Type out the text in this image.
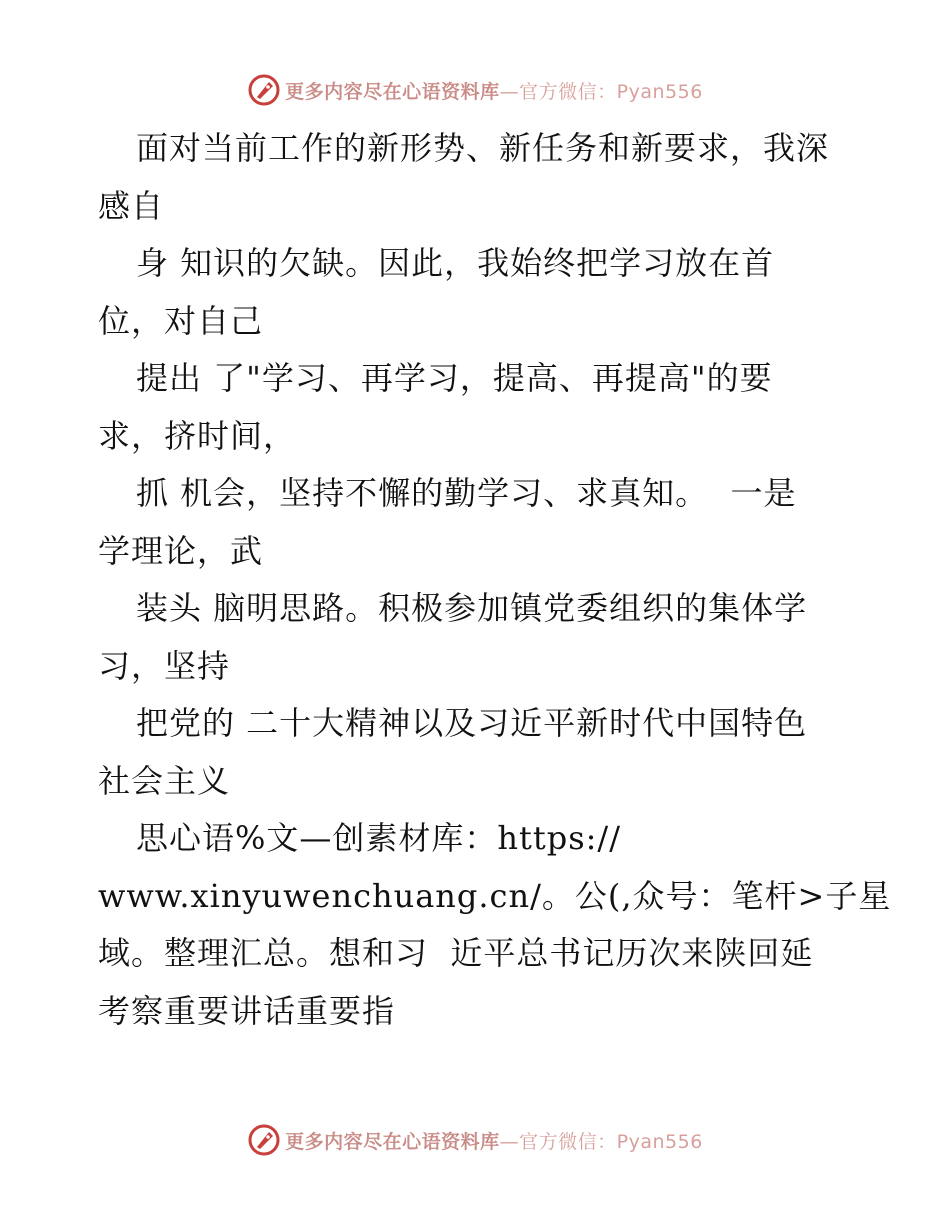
更多内容尽在心语资料库—官方微信：Pyan556
面对当前工作的新形势、新任务和新要求，我深
感自
身 知识的欠缺。因此，我始终把学习放在首
位，对自己
提出 了"学习、再学习，提高、再提高"的要
求，挤时间，
抓 机会，坚持不懈的勤学习、求真知。  一是
学理论，武
装头 脑明思路。积极参加镇党委组织的集体学
习，坚持
把党的 二十大精神以及习近平新时代中国特色
社会主义
思心语%文—创素材库：https://
www.xinyuwenchuang.cn/。公(,众号：笔杆>子星
域。整理汇总。想和习  近平总书记历次来陕回延
考察重要讲话重要指
更多内容尽在心语资料库—官方微信：Pyan556
